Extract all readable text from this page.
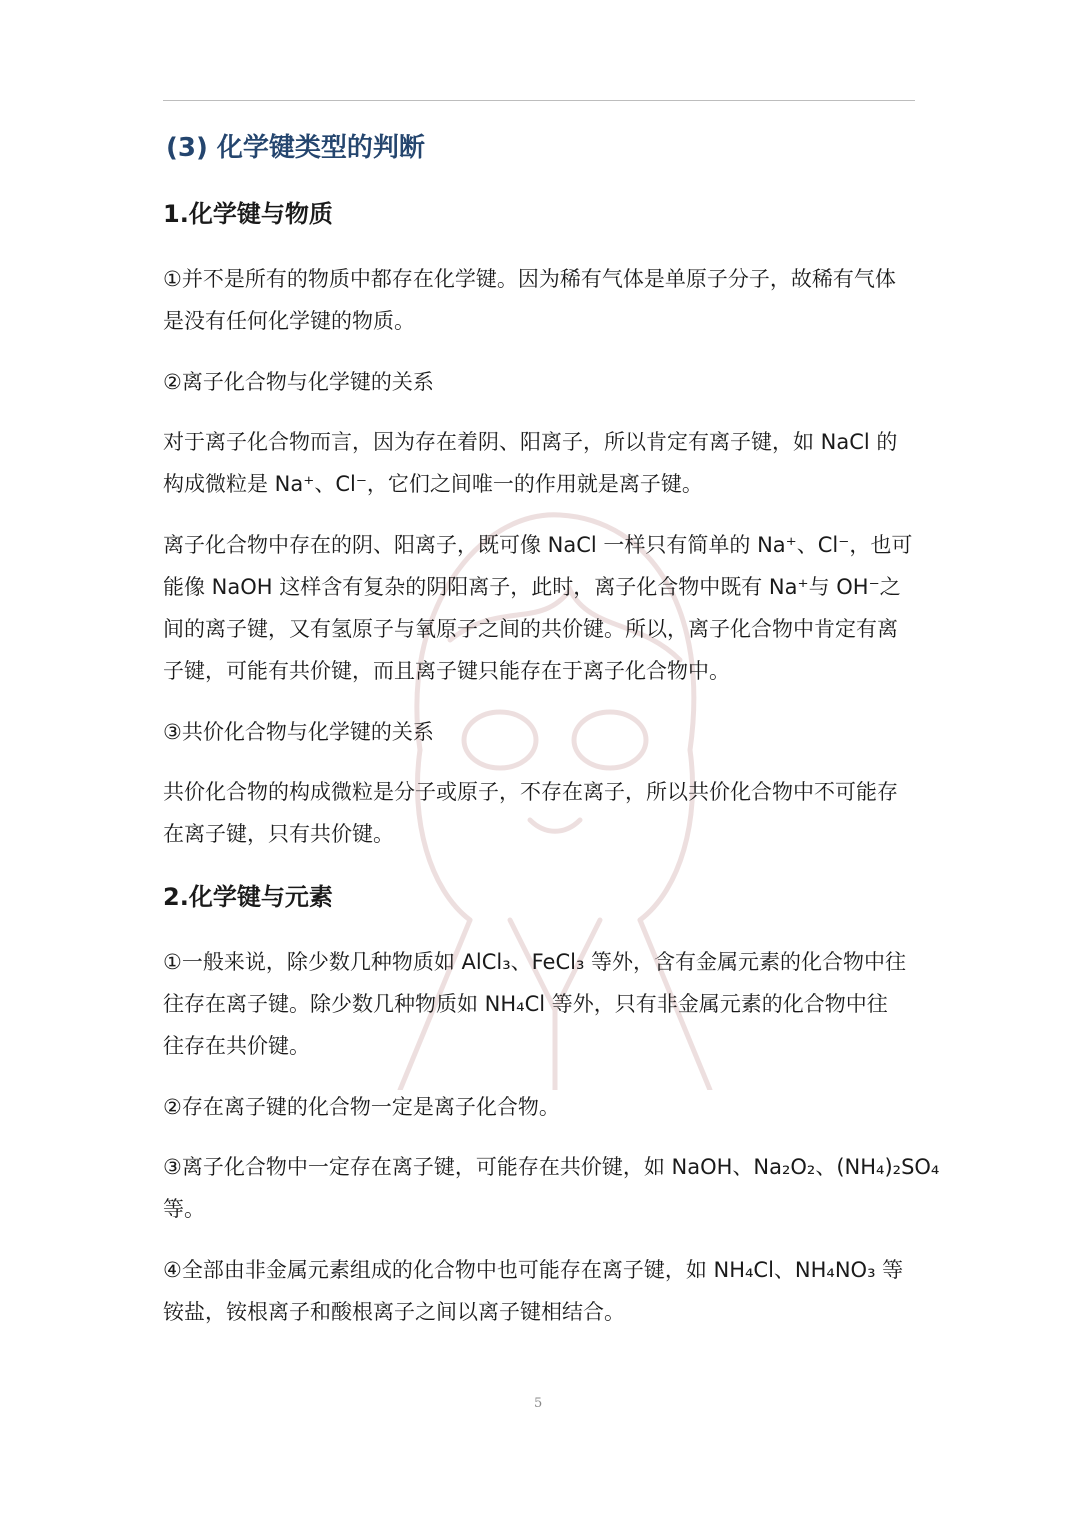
(3) 化学键类型的判断
1.化学键与物质
①并不是所有的物质中都存在化学键。因为稀有气体是单原子分子，故稀有气体
是没有任何化学键的物质。
②离子化合物与化学键的关系
对于离子化合物而言，因为存在着阴、阳离子，所以肯定有离子键，如 NaCl 的
构成微粒是 Na⁺、Cl⁻，它们之间唯一的作用就是离子键。
离子化合物中存在的阴、阳离子，既可像 NaCl 一样只有简单的 Na⁺、Cl⁻，也可
能像 NaOH 这样含有复杂的阴阳离子，此时，离子化合物中既有 Na⁺与 OH⁻之
间的离子键，又有氢原子与氧原子之间的共价键。所以，离子化合物中肯定有离
子键，可能有共价键，而且离子键只能存在于离子化合物中。
③共价化合物与化学键的关系
共价化合物的构成微粒是分子或原子，不存在离子，所以共价化合物中不可能存
在离子键，只有共价键。
2.化学键与元素
①一般来说，除少数几种物质如 AlCl₃、FeCl₃ 等外，含有金属元素的化合物中往
往存在离子键。除少数几种物质如 NH₄Cl 等外，只有非金属元素的化合物中往
往存在共价键。
②存在离子键的化合物一定是离子化合物。
③离子化合物中一定存在离子键，可能存在共价键，如 NaOH、Na₂O₂、(NH₄)₂SO₄
等。
④全部由非金属元素组成的化合物中也可能存在离子键，如 NH₄Cl、NH₄NO₃ 等
铵盐，铵根离子和酸根离子之间以离子键相结合。
5
